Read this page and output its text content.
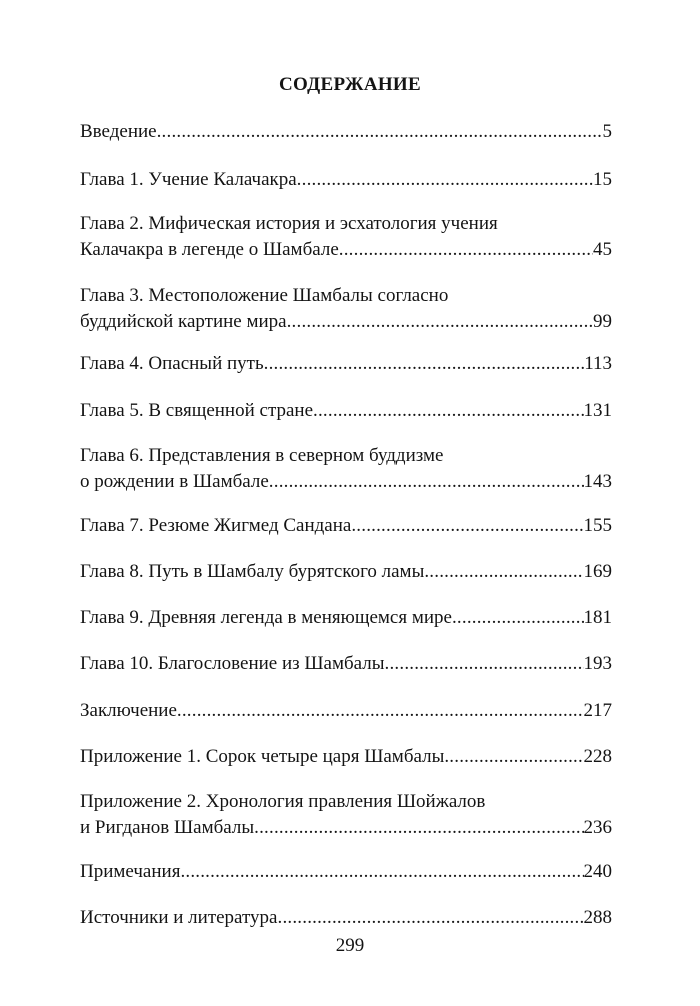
СОДЕРЖАНИЕ
Введение .....	5
Глава 1. Учение Калачакра .....	15
Глава 2. Мифическая история и эсхатология учения
Калачакра в легенде о Шамбале .....	45
Глава 3. Местоположение Шамбалы согласно
буддийской картине мира .....	99
Глава 4. Опасный путь .....	113
Глава 5. В священной стране .....	131
Глава 6. Представления в северном буддизме
о рождении в Шамбале .....	143
Глава 7. Резюме Жигмед Сандана .....	155
Глава 8. Путь в Шамбалу бурятского ламы .....	169
Глава 9. Древняя легенда в меняющемся мире .....	181
Глава 10. Благословение из Шамбалы .....	193
Заключение .....	217
Приложение 1. Сорок четыре царя Шамбалы .....	228
Приложение 2. Хронология правления Шойжалов
и Ригданов Шамбалы .....	236
Примечания .....	240
Источники и литература .....	288
299
